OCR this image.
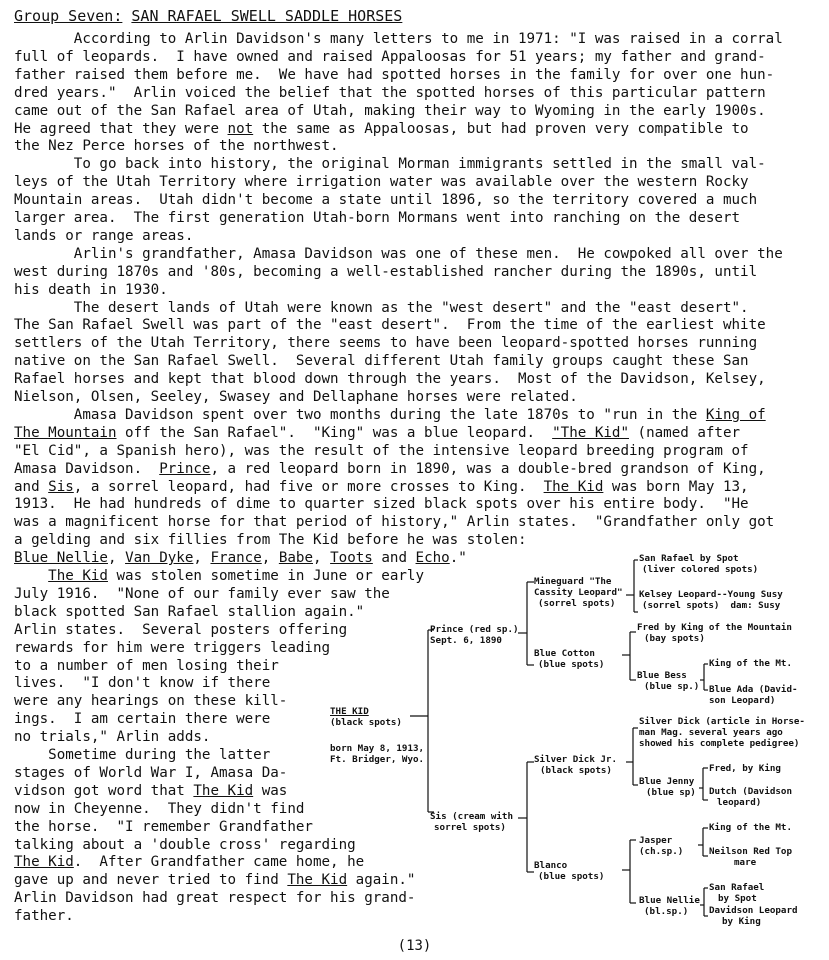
Group Seven: SAN RAFAEL SWELL SADDLE HORSES
According to Arlin Davidson's many letters to me in 1971: "I was raised in a corral
full of leopards.  I have owned and raised Appaloosas for 51 years; my father and grand-
father raised them before me.  We have had spotted horses in the family for over one hun-
dred years."  Arlin voiced the belief that the spotted horses of this particular pattern
came out of the San Rafael area of Utah, making their way to Wyoming in the early 1900s.
He agreed that they were not the same as Appaloosas, but had proven very compatible to
the Nez Perce horses of the northwest.
To go back into history, the original Morman immigrants settled in the small val-
leys of the Utah Territory where irrigation water was available over the western Rocky
Mountain areas.  Utah didn't become a state until 1896, so the territory covered a much
larger area.  The first generation Utah-born Mormans went into ranching on the desert
lands or range areas.
Arlin's grandfather, Amasa Davidson was one of these men.  He cowpoked all over the
west during 1870s and '80s, becoming a well-established rancher during the 1890s, until
his death in 1930.
The desert lands of Utah were known as the "west desert" and the "east desert".
The San Rafael Swell was part of the "east desert".  From the time of the earliest white
settlers of the Utah Territory, there seems to have been leopard-spotted horses running
native on the San Rafael Swell.  Several different Utah family groups caught these San
Rafael horses and kept that blood down through the years.  Most of the Davidson, Kelsey,
Nielson, Olsen, Seeley, Swasey and Dellaphane horses were related.
Amasa Davidson spent over two months during the late 1870s to "run in the King of
The Mountain off the San Rafael".  "King" was a blue leopard.  "The Kid" (named after
"El Cid", a Spanish hero), was the result of the intensive leopard breeding program of
Amasa Davidson.  Prince, a red leopard born in 1890, was a double-bred grandson of King,
and Sis, a sorrel leopard, had five or more crosses to King.  The Kid was born May 13,
1913.  He had hundreds of dime to quarter sized black spots over his entire body.  "He
was a magnificent horse for that period of history," Arlin states.  "Grandfather only got
a gelding and six fillies from The Kid before he was stolen:
Blue Nellie, Van Dyke, France, Babe, Toots and Echo."
The Kid was stolen sometime in June or early
July 1916.  "None of our family ever saw the
black spotted San Rafael stallion again."
Arlin states.  Several posters offering
rewards for him were triggers leading
to a number of men losing their
lives.  "I don't know if there
were any hearings on these kill-
ings.  I am certain there were
no trials," Arlin adds.
Sometime during the latter
stages of World War I, Amasa Da-
vidson got word that The Kid was
now in Cheyenne.  They didn't find
the horse.  "I remember Grandfather
talking about a 'double cross' regarding
The Kid.  After Grandfather came home, he
gave up and never tried to find The Kid again."
Arlin Davidson had great respect for his grand-
father.
THE KID
(black spots)
born May 8, 1913,
Ft. Bridger, Wyo.
Prince (red sp.)
Sept. 6, 1890
Sis (cream with
sorrel spots)
Mineguard "The
Cassity Leopard"
(sorrel spots)
Blue Cotton
(blue spots)
Silver Dick Jr.
(black spots)
Blanco
(blue spots)
San Rafael by Spot
(liver colored spots)
Kelsey Leopard--Young Susy
(sorrel spots)  dam: Susy
Fred by King of the Mountain
(bay spots)
Blue Bess
(blue sp.)
King of the Mt.
Blue Ada (David-
son Leopard)
Silver Dick (article in Horse-
man Mag. several years ago
showed his complete pedigree)
Blue Jenny
(blue sp)
Fred, by King
Dutch (Davidson
leopard)
Jasper
(ch.sp.)
King of the Mt.
Neilson Red Top
mare
Blue Nellie
(bl.sp.)
San Rafael
by Spot
Davidson Leopard
by King
(13)
